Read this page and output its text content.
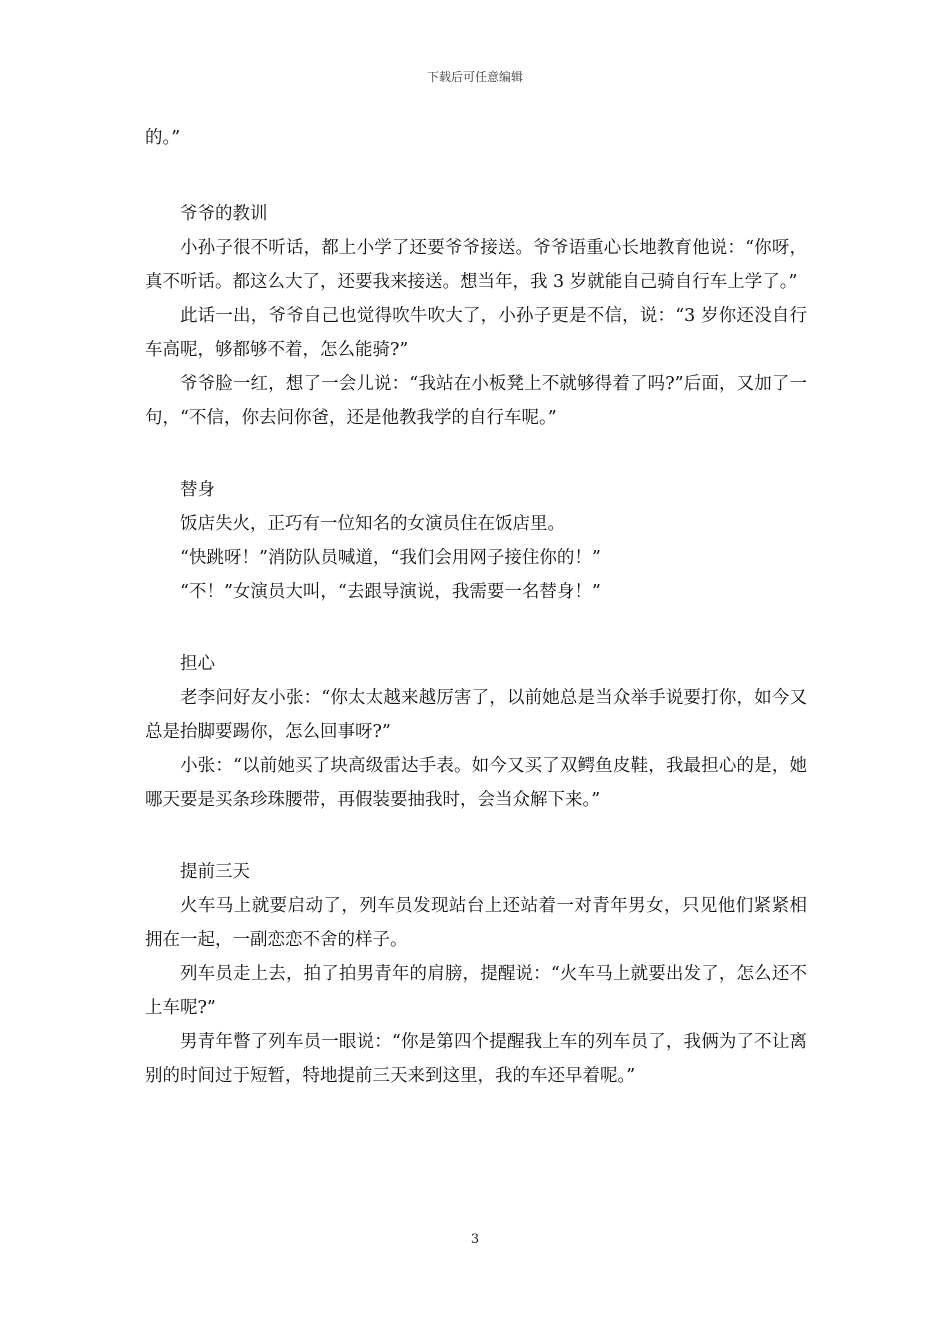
下载后可任意编辑

的。”

爷爷的教训

小孙子很不听话，都上小学了还要爷爷接送。爷爷语重心长地教育他说：“你呀，真不听话。都这么大了，还要我来接送。想当年，我 3 岁就能自己骑自行车上学了。”

此话一出，爷爷自己也觉得吹牛吹大了，小孙子更是不信，说：“3 岁你还没自行车高呢，够都够不着，怎么能骑?”

爷爷脸一红，想了一会儿说：“我站在小板凳上不就够得着了吗?”后面，又加了一句，“不信，你去问你爸，还是他教我学的自行车呢。”

替身

饭店失火，正巧有一位知名的女演员住在饭店里。

“快跳呀！”消防队员喊道，“我们会用网子接住你的！”

“不！”女演员大叫，“去跟导演说，我需要一名替身！”

担心

老李问好友小张：“你太太越来越厉害了，以前她总是当众举手说要打你，如今又总是抬脚要踢你，怎么回事呀?”

小张：“以前她买了块高级雷达手表。如今又买了双鳄鱼皮鞋，我最担心的是，她哪天要是买条珍珠腰带，再假装要抽我时，会当众解下来。”

提前三天

火车马上就要启动了，列车员发现站台上还站着一对青年男女，只见他们紧紧相拥在一起，一副恋恋不舍的样子。

列车员走上去，拍了拍男青年的肩膀，提醒说：“火车马上就要出发了，怎么还不上车呢?”

男青年瞥了列车员一眼说：“你是第四个提醒我上车的列车员了，我俩为了不让离别的时间过于短暂，特地提前三天来到这里，我的车还早着呢。”

3
